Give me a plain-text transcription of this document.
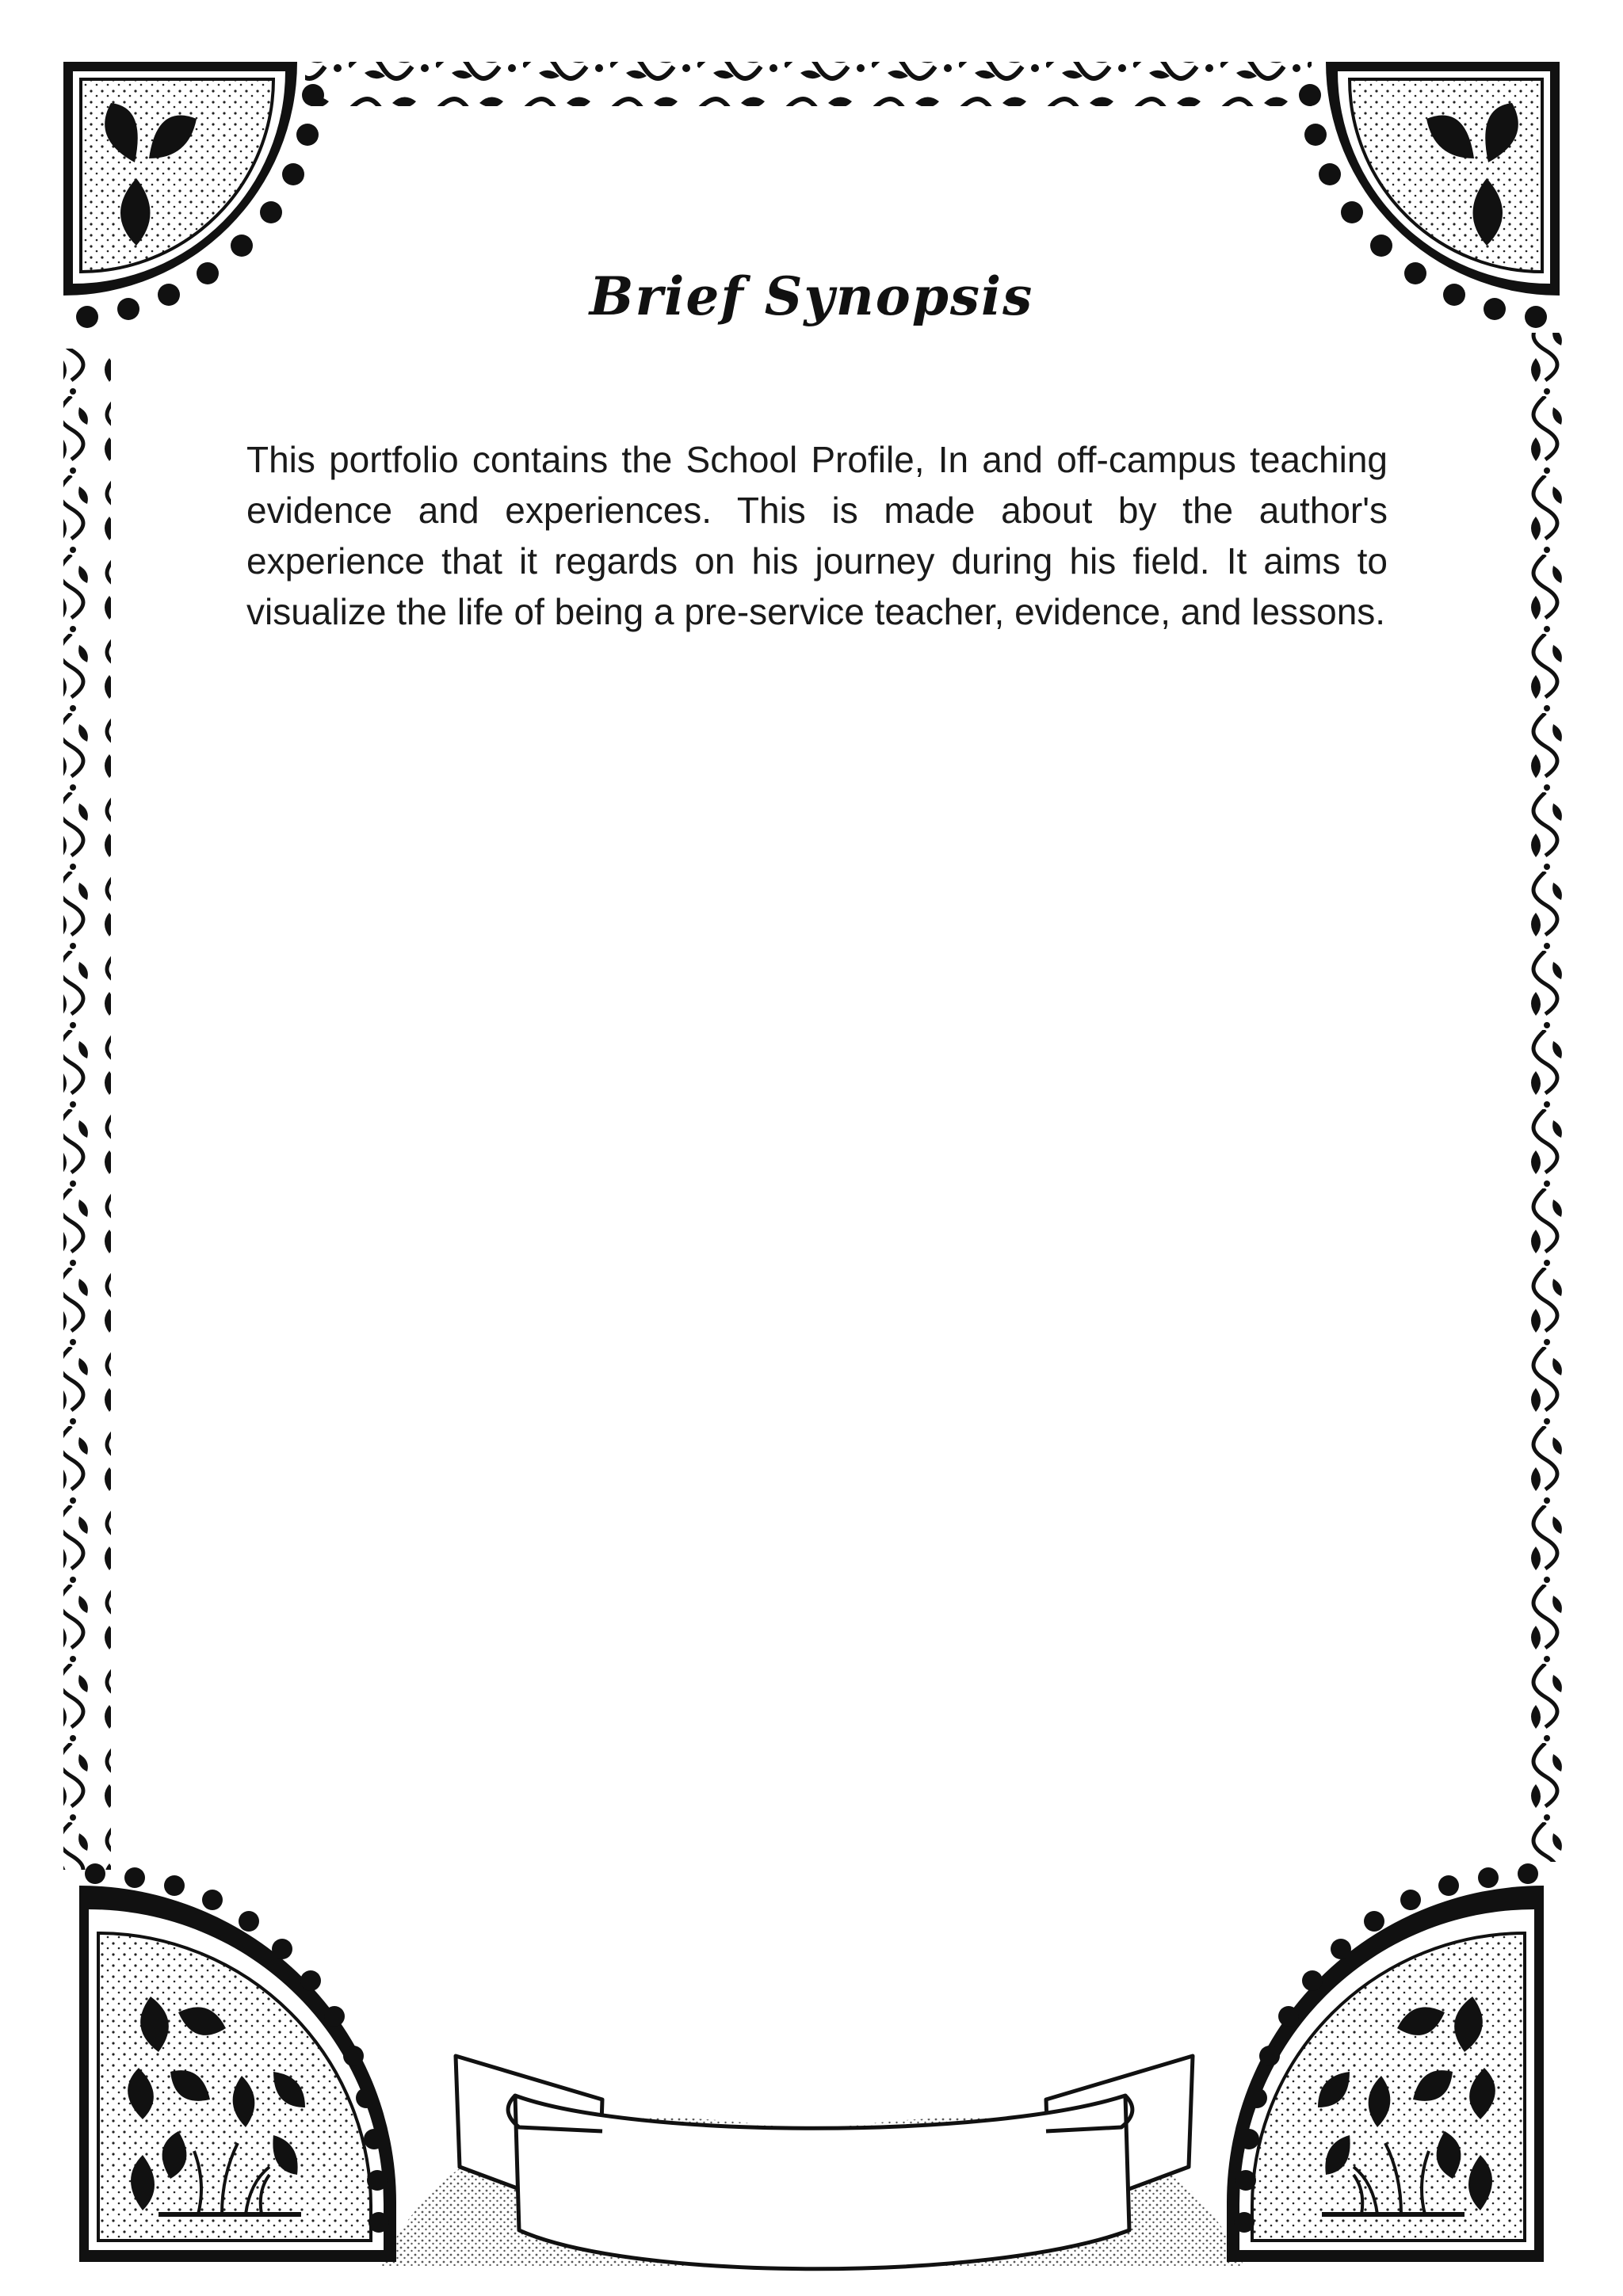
Brief Synopsis

This portfolio contains the School Profile, In and off-campus teaching evidence and experiences. This is made about by the author's experience that it regards on his journey during his field. It aims to visualize the life of being a pre-service teacher, evidence, and lessons.
